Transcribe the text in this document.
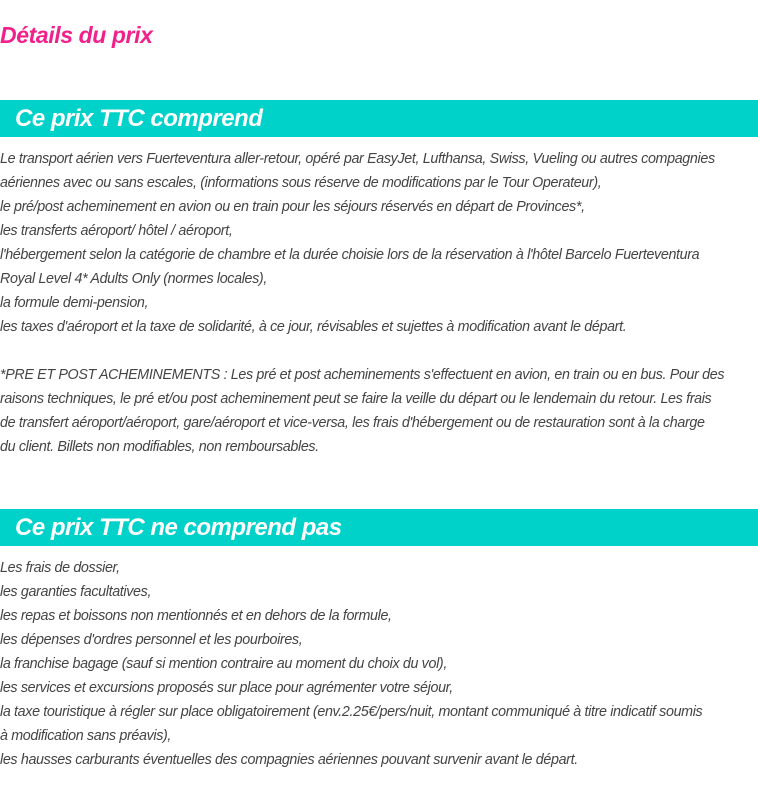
Détails du prix
Ce prix TTC comprend
Le transport aérien vers Fuerteventura aller-retour, opéré par EasyJet, Lufthansa, Swiss, Vueling ou autres compagnies
aériennes avec ou sans escales, (informations sous réserve de modifications par le Tour Operateur),
le pré/post acheminement en avion ou en train pour les séjours réservés en départ de Provinces*,
les transferts aéroport/ hôtel / aéroport,
l'hébergement selon la catégorie de chambre et la durée choisie lors de la réservation à l'hôtel Barcelo Fuerteventura
Royal Level 4* Adults Only (normes locales),
la formule demi-pension,
les taxes d'aéroport et la taxe de solidarité, à ce jour, révisables et sujettes à modification avant le départ.
*PRE ET POST ACHEMINEMENTS : Les pré et post acheminements s'effectuent en avion, en train ou en bus. Pour des
raisons techniques, le pré et/ou post acheminement peut se faire la veille du départ ou le lendemain du retour. Les frais
de transfert aéroport/aéroport, gare/aéroport et vice-versa, les frais d'hébergement ou de restauration sont à la charge
du client. Billets non modifiables, non remboursables.
Ce prix TTC ne comprend pas
Les frais de dossier,
les garanties facultatives,
les repas et boissons non mentionnés et en dehors de la formule,
les dépenses d'ordres personnel et les pourboires,
la franchise bagage (sauf si mention contraire au moment du choix du vol),
les services et excursions proposés sur place pour agrémenter votre séjour,
la taxe touristique à régler sur place obligatoirement (env.2.25€/pers/nuit, montant communiqué à titre indicatif soumis
à modification sans préavis),
les hausses carburants éventuelles des compagnies aériennes pouvant survenir avant le départ.
